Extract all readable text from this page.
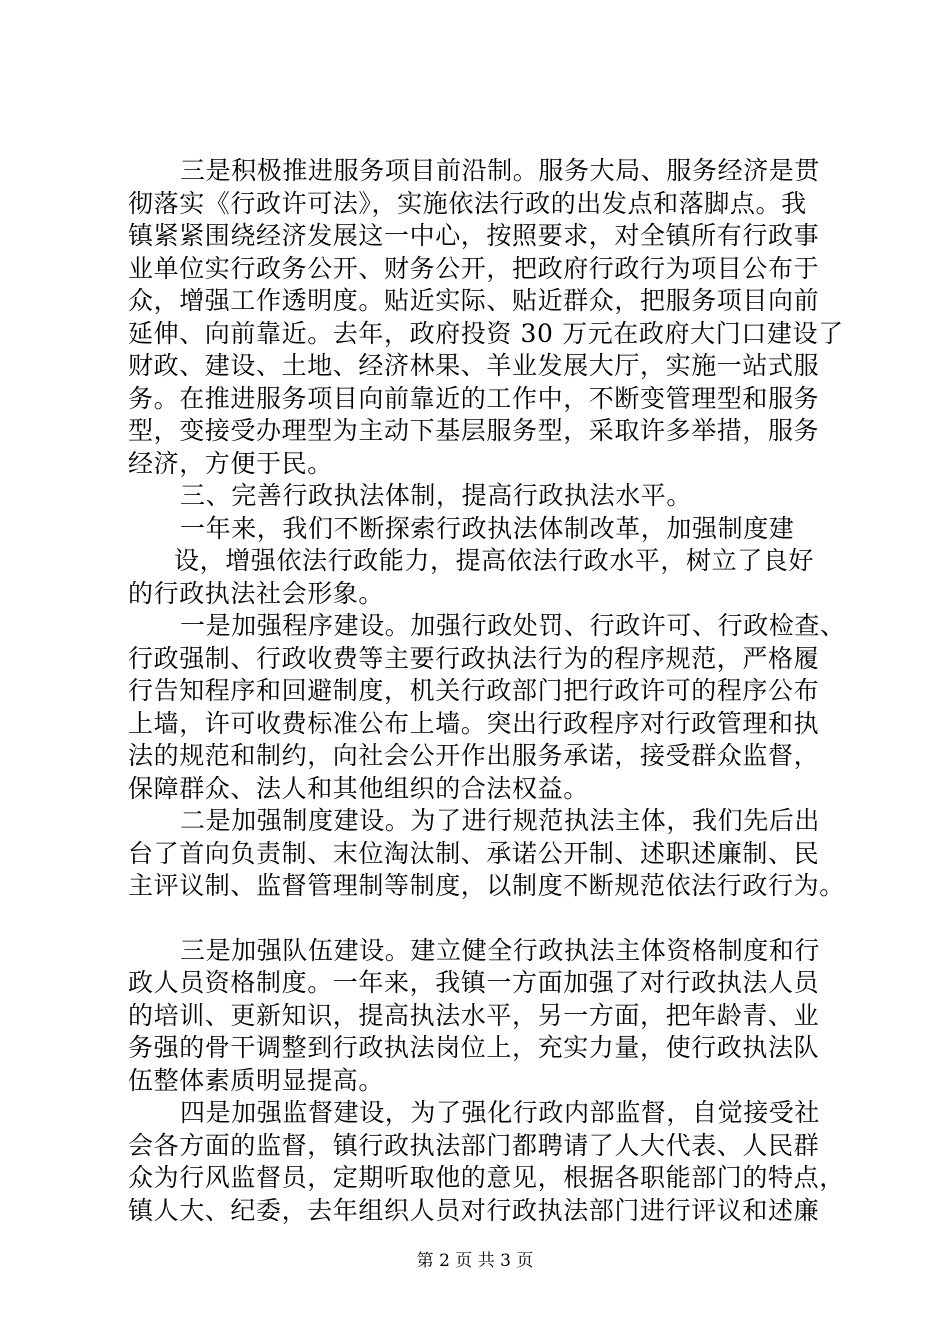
三是积极推进服务项目前沿制。服务大局、服务经济是贯
彻落实《行政许可法》，实施依法行政的出发点和落脚点。我
镇紧紧围绕经济发展这一中心，按照要求，对全镇所有行政事
业单位实行政务公开、财务公开，把政府行政行为项目公布于
众，增强工作透明度。贴近实际、贴近群众，把服务项目向前
延伸、向前靠近。去年，政府投资 30 万元在政府大门口建设了
财政、建设、土地、经济林果、羊业发展大厅，实施一站式服
务。在推进服务项目向前靠近的工作中，不断变管理型和服务
型，变接受办理型为主动下基层服务型，采取许多举措，服务
经济，方便于民。
三、完善行政执法体制，提高行政执法水平。
一年来，我们不断探索行政执法体制改革，加强制度建
设，增强依法行政能力，提高依法行政水平，树立了良好
的行政执法社会形象。
一是加强程序建设。加强行政处罚、行政许可、行政检查、
行政强制、行政收费等主要行政执法行为的程序规范，严格履
行告知程序和回避制度，机关行政部门把行政许可的程序公布
上墙，许可收费标准公布上墙。突出行政程序对行政管理和执
法的规范和制约，向社会公开作出服务承诺，接受群众监督，
保障群众、法人和其他组织的合法权益。
二是加强制度建设。为了进行规范执法主体，我们先后出
台了首向负责制、末位淘汰制、承诺公开制、述职述廉制、民
主评议制、监督管理制等制度，以制度不断规范依法行政行为。
三是加强队伍建设。建立健全行政执法主体资格制度和行
政人员资格制度。一年来，我镇一方面加强了对行政执法人员
的培训、更新知识，提高执法水平，另一方面，把年龄青、业
务强的骨干调整到行政执法岗位上，充实力量，使行政执法队
伍整体素质明显提高。
四是加强监督建设，为了强化行政内部监督，自觉接受社
会各方面的监督，镇行政执法部门都聘请了人大代表、人民群
众为行风监督员，定期听取他的意见，根据各职能部门的特点，
镇人大、纪委，去年组织人员对行政执法部门进行评议和述廉
第 2 页 共 3 页
